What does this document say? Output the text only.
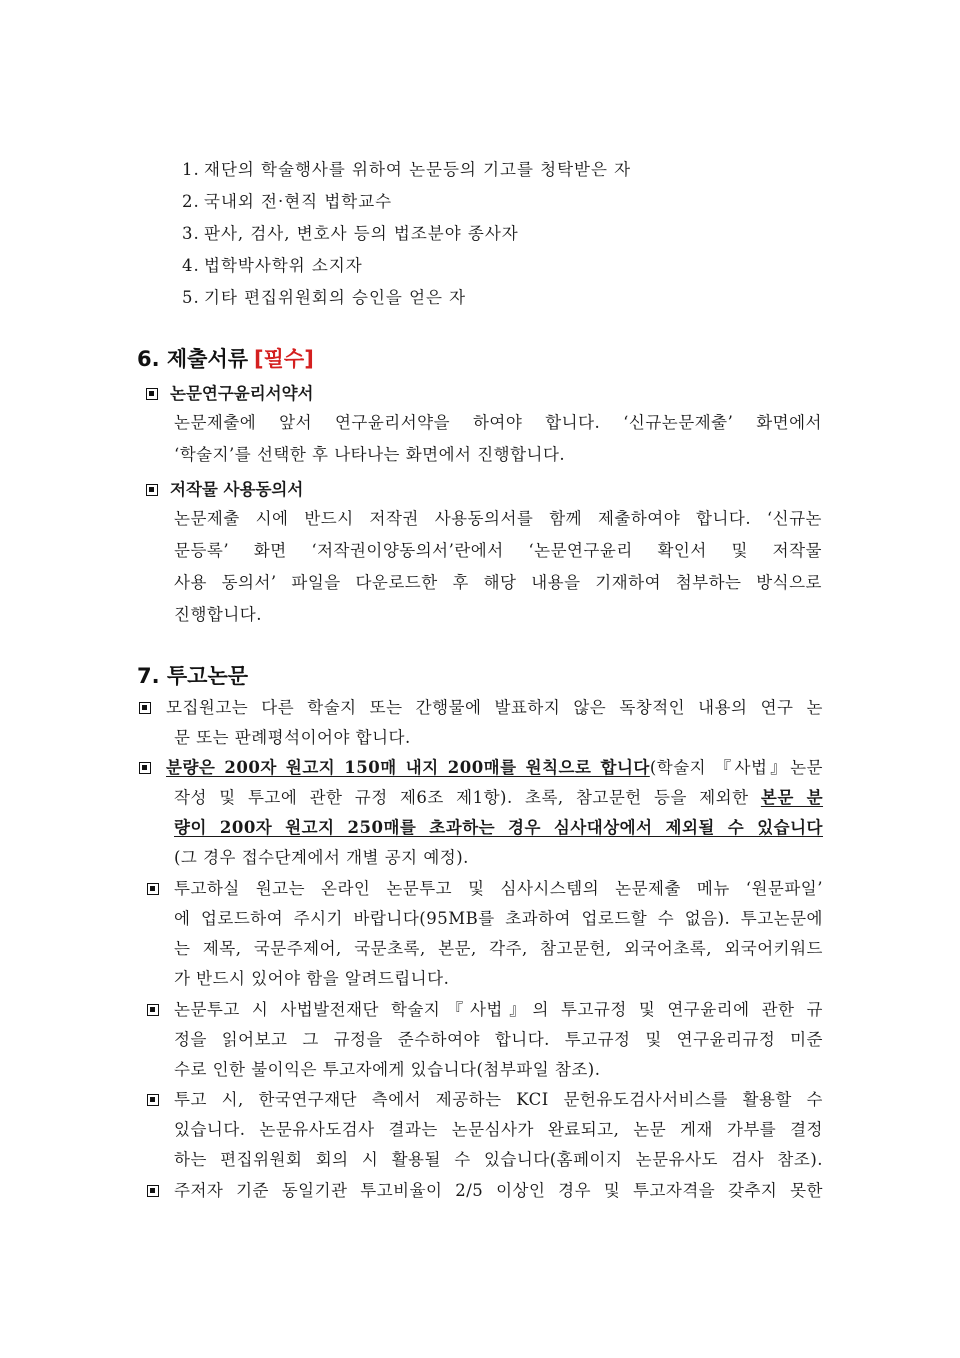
1. 재단의 학술행사를 위하여 논문등의 기고를 청탁받은 자
2. 국내외 전·현직 법학교수
3. 판사, 검사, 변호사 등의 법조분야 종사자
4. 법학박사학위 소지자
5. 기타 편집위원회의 승인을 얻은 자
6. 제출서류 [필수]
논문연구윤리서약서
논문제출에 앞서 연구윤리서약을 하여야 합니다. ‘신규논문제출’ 화면에서
‘학술지’를 선택한 후 나타나는 화면에서 진행합니다.
저작물 사용동의서
논문제출 시에 반드시 저작권 사용동의서를 함께 제출하여야 합니다. ‘신규논
문등록’ 화면 ‘저작권이양동의서’란에서 ‘논문연구윤리 확인서 및 저작물
사용 동의서’ 파일을 다운로드한 후 해당 내용을 기재하여 첨부하는 방식으로
진행합니다.
7. 투고논문
모집원고는 다른 학술지 또는 간행물에 발표하지 않은 독창적인 내용의 연구 논
문 또는 판례평석이어야 합니다.
분량은 200자 원고지 150매 내지 200매를 원칙으로 합니다(학술지 『사법』논문
작성 및 투고에 관한 규정 제6조 제1항). 초록, 참고문헌 등을 제외한 본문 분
량이 200자 원고지 250매를 초과하는 경우 심사대상에서 제외될 수 있습니다
(그 경우 접수단계에서 개별 공지 예정).
투고하실 원고는 온라인 논문투고 및 심사시스템의 논문제출 메뉴 ‘원문파일’
에 업로드하여 주시기 바랍니다(95MB를 초과하여 업로드할 수 없음). 투고논문에
는 제목, 국문주제어, 국문초록, 본문, 각주, 참고문헌, 외국어초록, 외국어키워드
가 반드시 있어야 함을 알려드립니다.
논문투고 시 사법발전재단 학술지『사법』의 투고규정 및 연구윤리에 관한 규
정을 읽어보고 그 규정을 준수하여야 합니다. 투고규정 및 연구윤리규정 미준
수로 인한 불이익은 투고자에게 있습니다(첨부파일 참조).
투고 시, 한국연구재단 측에서 제공하는 KCI 문헌유도검사서비스를 활용할 수
있습니다. 논문유사도검사 결과는 논문심사가 완료되고, 논문 게재 가부를 결정
하는 편집위원회 회의 시 활용될 수 있습니다(홈페이지 논문유사도 검사 참조).
주저자 기준 동일기관 투고비율이 2/5 이상인 경우 및 투고자격을 갖추지 못한
